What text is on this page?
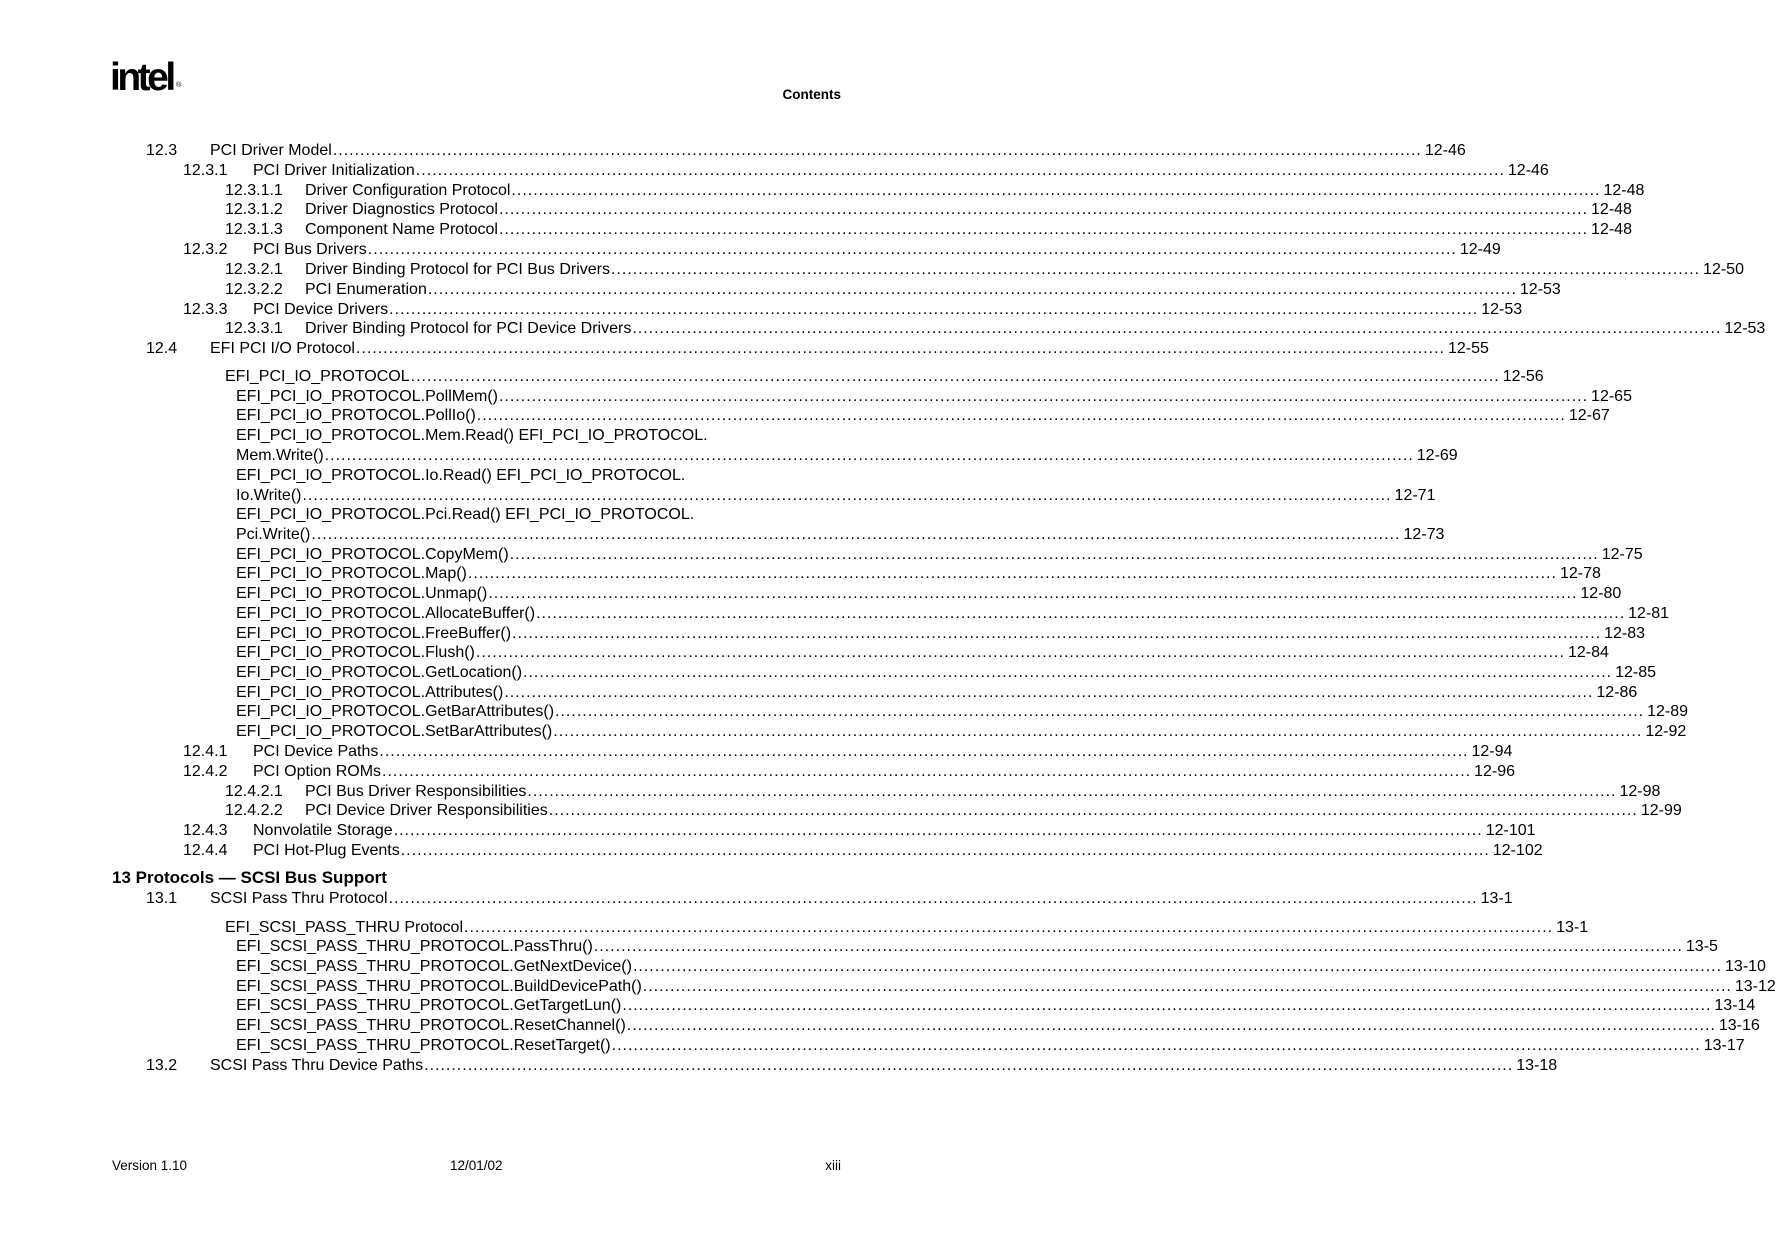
intel ®
Contents
12.3	PCI Driver Model ........................................................................................................................................................................................................ 12-46
12.3.1	PCI Driver Initialization ........................................................................................................................................................................................................ 12-46
12.3.1.1	Driver Configuration Protocol ........................................................................................................................................................................................................ 12-48
12.3.1.2	Driver Diagnostics Protocol ........................................................................................................................................................................................................ 12-48
12.3.1.3	Component Name Protocol ........................................................................................................................................................................................................ 12-48
12.3.2	PCI Bus Drivers ........................................................................................................................................................................................................ 12-49
12.3.2.1	Driver Binding Protocol for PCI Bus Drivers ........................................................................................................................................................................................................ 12-50
12.3.2.2	PCI Enumeration ........................................................................................................................................................................................................ 12-53
12.3.3	PCI Device Drivers ........................................................................................................................................................................................................ 12-53
12.3.3.1	Driver Binding Protocol for PCI Device Drivers ........................................................................................................................................................................................................ 12-53
12.4	EFI PCI I/O Protocol ........................................................................................................................................................................................................ 12-55
EFI_PCI_IO_PROTOCOL ........................................................................................................................................................................................................ 12-56
EFI_PCI_IO_PROTOCOL.PollMem() ........................................................................................................................................................................................................ 12-65
EFI_PCI_IO_PROTOCOL.PollIo() ........................................................................................................................................................................................................ 12-67
EFI_PCI_IO_PROTOCOL.Mem.Read() EFI_PCI_IO_PROTOCOL.
Mem.Write() ........................................................................................................................................................................................................ 12-69
EFI_PCI_IO_PROTOCOL.Io.Read() EFI_PCI_IO_PROTOCOL.
Io.Write() ........................................................................................................................................................................................................ 12-71
EFI_PCI_IO_PROTOCOL.Pci.Read() EFI_PCI_IO_PROTOCOL.
Pci.Write() ........................................................................................................................................................................................................ 12-73
EFI_PCI_IO_PROTOCOL.CopyMem() ........................................................................................................................................................................................................ 12-75
EFI_PCI_IO_PROTOCOL.Map() ........................................................................................................................................................................................................ 12-78
EFI_PCI_IO_PROTOCOL.Unmap() ........................................................................................................................................................................................................ 12-80
EFI_PCI_IO_PROTOCOL.AllocateBuffer() ........................................................................................................................................................................................................ 12-81
EFI_PCI_IO_PROTOCOL.FreeBuffer() ........................................................................................................................................................................................................ 12-83
EFI_PCI_IO_PROTOCOL.Flush() ........................................................................................................................................................................................................ 12-84
EFI_PCI_IO_PROTOCOL.GetLocation() ........................................................................................................................................................................................................ 12-85
EFI_PCI_IO_PROTOCOL.Attributes() ........................................................................................................................................................................................................ 12-86
EFI_PCI_IO_PROTOCOL.GetBarAttributes() ........................................................................................................................................................................................................ 12-89
EFI_PCI_IO_PROTOCOL.SetBarAttributes() ........................................................................................................................................................................................................ 12-92
12.4.1	PCI Device Paths ........................................................................................................................................................................................................ 12-94
12.4.2	PCI Option ROMs ........................................................................................................................................................................................................ 12-96
12.4.2.1	PCI Bus Driver Responsibilities ........................................................................................................................................................................................................ 12-98
12.4.2.2	PCI Device Driver Responsibilities ........................................................................................................................................................................................................ 12-99
12.4.3	Nonvolatile Storage ........................................................................................................................................................................................................ 12-101
12.4.4	PCI Hot-Plug Events ........................................................................................................................................................................................................ 12-102
13 Protocols — SCSI Bus Support
13.1	SCSI Pass Thru Protocol ........................................................................................................................................................................................................ 13-1
EFI_SCSI_PASS_THRU Protocol ........................................................................................................................................................................................................ 13-1
EFI_SCSI_PASS_THRU_PROTOCOL.PassThru() ........................................................................................................................................................................................................ 13-5
EFI_SCSI_PASS_THRU_PROTOCOL.GetNextDevice() ........................................................................................................................................................................................................ 13-10
EFI_SCSI_PASS_THRU_PROTOCOL.BuildDevicePath() ........................................................................................................................................................................................................ 13-12
EFI_SCSI_PASS_THRU_PROTOCOL.GetTargetLun() ........................................................................................................................................................................................................ 13-14
EFI_SCSI_PASS_THRU_PROTOCOL.ResetChannel() ........................................................................................................................................................................................................ 13-16
EFI_SCSI_PASS_THRU_PROTOCOL.ResetTarget() ........................................................................................................................................................................................................ 13-17
13.2	SCSI Pass Thru Device Paths ........................................................................................................................................................................................................ 13-18
Version 1.10	12/01/02	xiii
